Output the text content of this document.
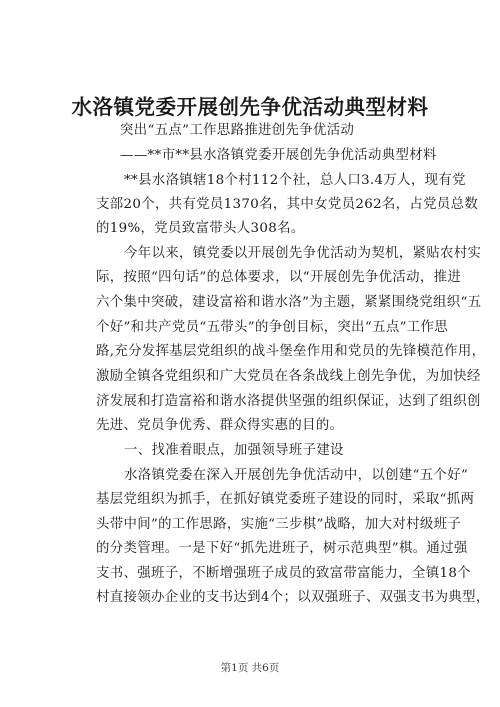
水洛镇党委开展创先争优活动典型材料
突出“五点”工作思路推进创先争优活动
——**市**县水洛镇党委开展创先争优活动典型材料
**县水洛镇辖18个村112个社，总人口3.4万人，现有党
支部20个，共有党员1370名，其中女党员262名，占党员总数
的19%，党员致富带头人308名。
今年以来，镇党委以开展创先争优活动为契机，紧贴农村实
际，按照“四句话”的总体要求，以“开展创先争优活动，推进
六个集中突破，建设富裕和谐水洛”为主题，紧紧围绕党组织“五
个好”和共产党员“五带头”的争创目标，突出“五点”工作思
路,充分发挥基层党组织的战斗堡垒作用和党员的先锋模范作用，
激励全镇各党组织和广大党员在各条战线上创先争优，为加快经
济发展和打造富裕和谐水洛提供坚强的组织保证，达到了组织创
先进、党员争优秀、群众得实惠的目的。
一、找准着眼点，加强领导班子建设
水洛镇党委在深入开展创先争优活动中，以创建“五个好”
基层党组织为抓手，在抓好镇党委班子建设的同时，采取“抓两
头带中间”的工作思路，实施“三步棋”战略，加大对村级班子
的分类管理。一是下好“抓先进班子，树示范典型”棋。通过强
支书、强班子，不断增强班子成员的致富带富能力，全镇18个
村直接领办企业的支书达到4个；以双强班子、双强支书为典型，
第1页 共6页
